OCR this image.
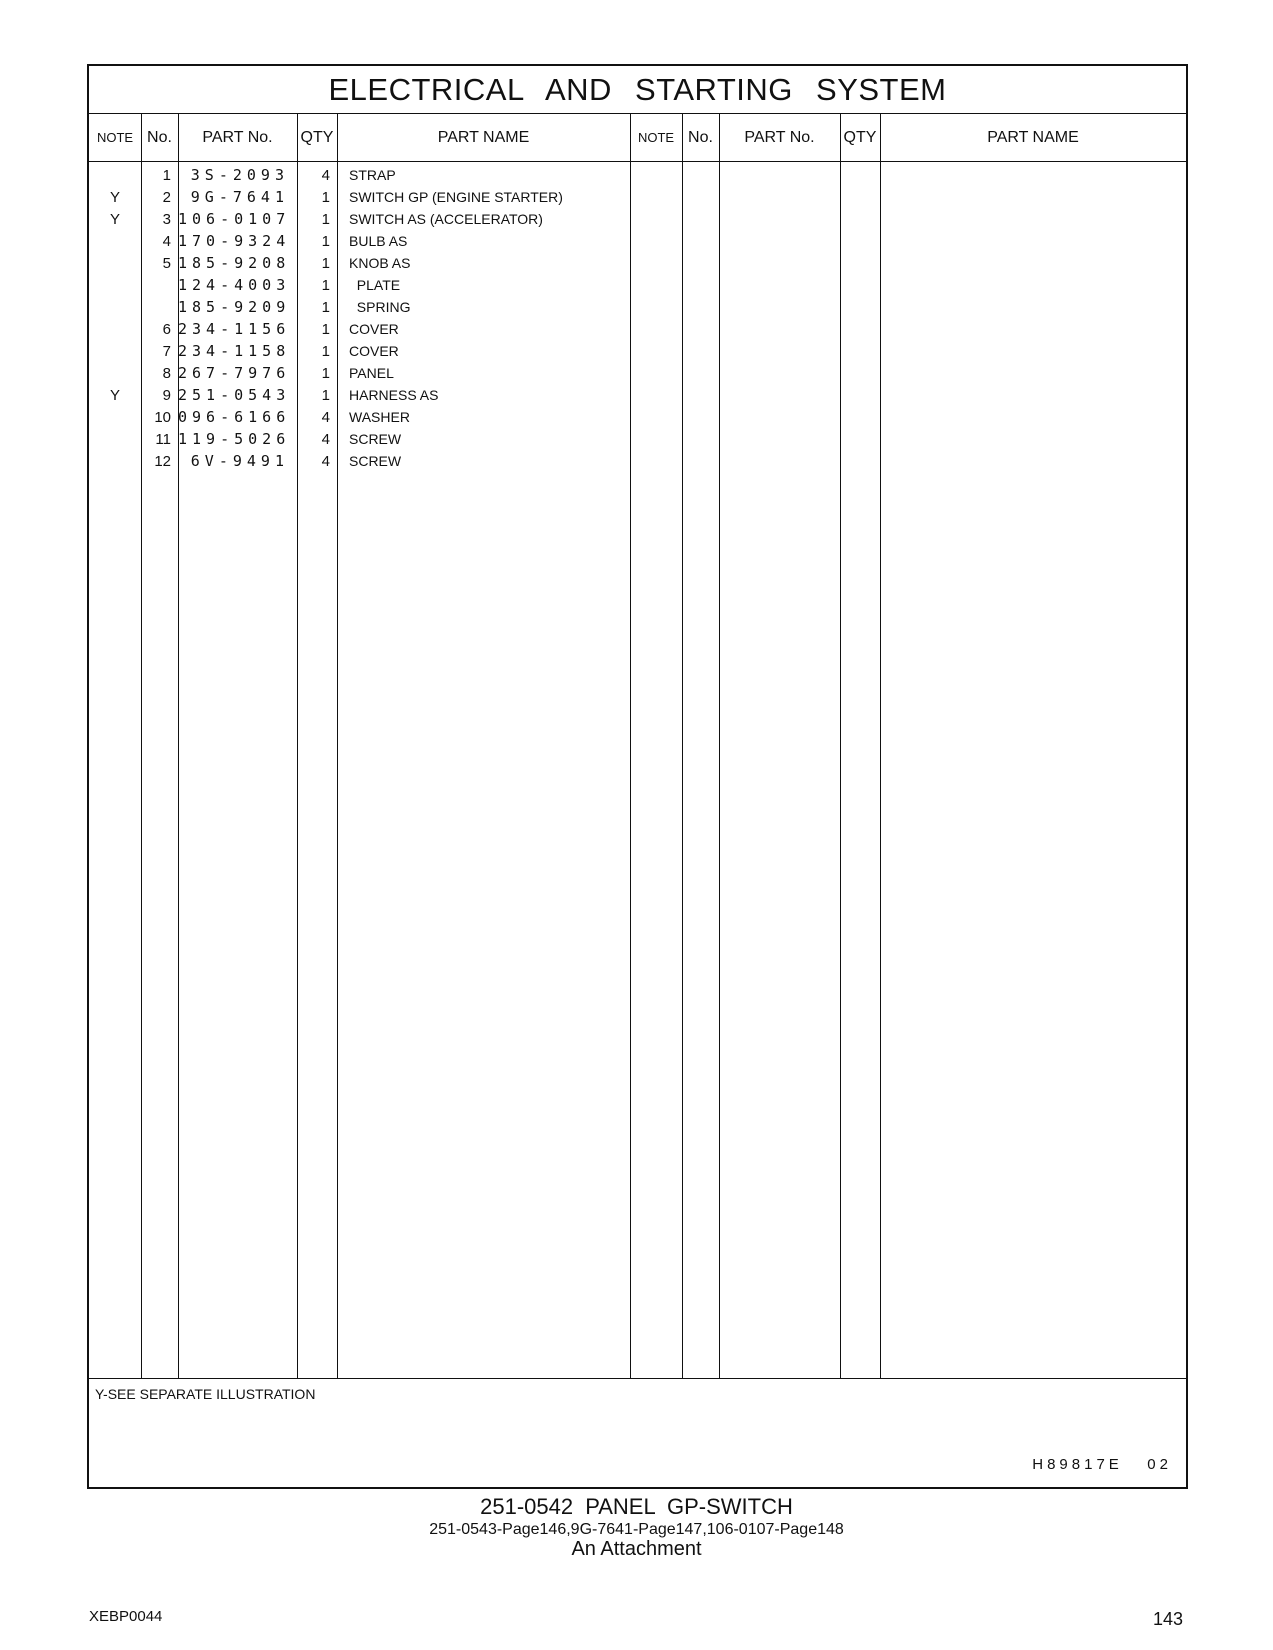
ELECTRICAL AND STARTING SYSTEM
NOTE No.	PART No.	QTY	PART NAME	NOTE No.	PART No.	QTY	PART NAME
1	3S-2093	4 STRAP
Y	2	9G-7641	1 SWITCH GP (ENGINE STARTER)
Y	3 106-0107	1 SWITCH AS (ACCELERATOR)
4 170-9324	1 BULB AS
5 185-9208	1 KNOB AS
124-4003	1 PLATE
185-9209	1 SPRING
6 234-1156	1 COVER
7 234-1158	1 COVER
8 267-7976	1 PANEL
Y	9 251-0543	1 HARNESS AS
10 096-6166	4 WASHER
11 119-5026	4 SCREW
12	6V-9491	4 SCREW
Y-SEE SEPARATE ILLUSTRATION
H89817E   02
251-0542 PANEL GP-SWITCH
251-0543-Page146,9G-7641-Page147,106-0107-Page148
An Attachment
XEBP0044	143
